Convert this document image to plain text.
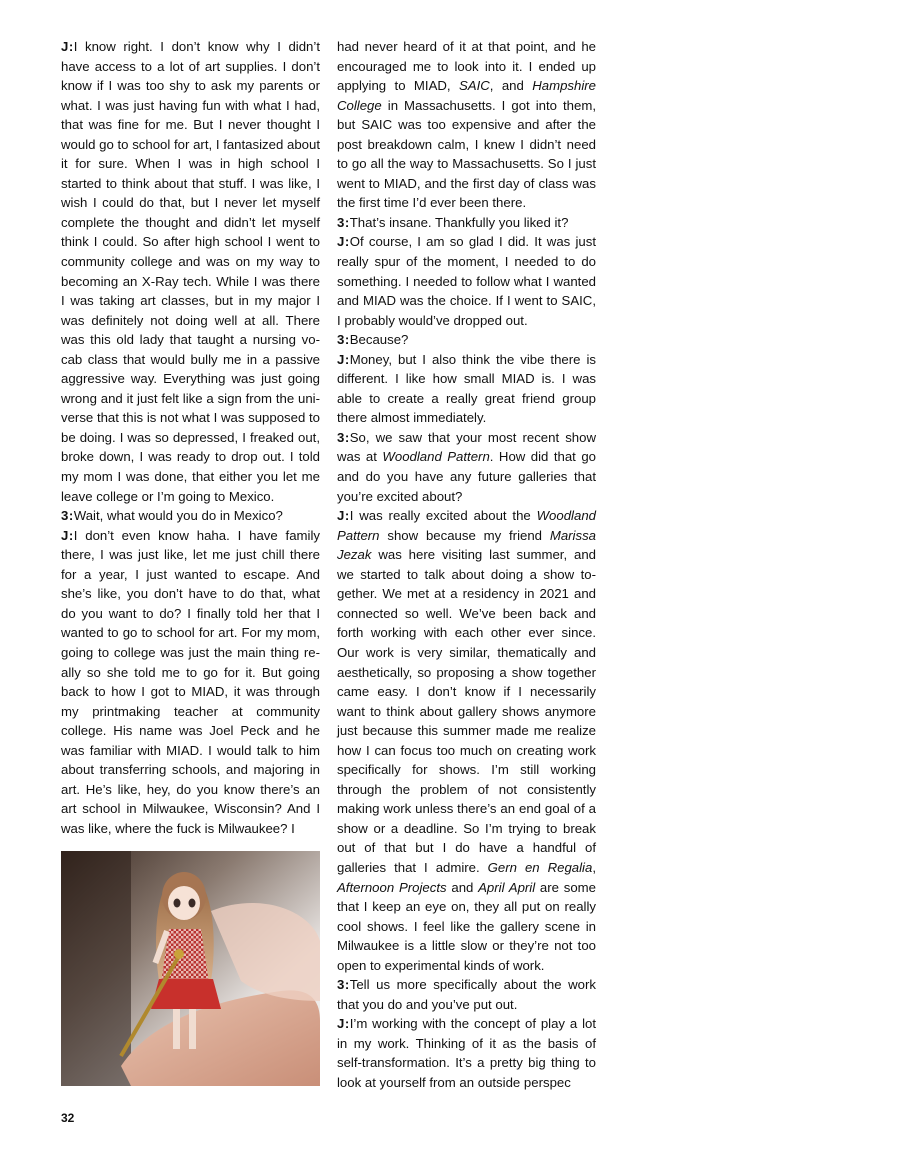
J:I know right. I don’t know why I didn’t have access to a lot of art supplies. I don’t know if I was too shy to ask my parents or what. I was just having fun with what I had, that was fine for me. But I never thought I would go to school for art, I fantasized about it for sure. When I was in high school I started to think about that stuff. I was like, I wish I could do that, but I never let myself complete the thought and didn’t let myself think I could. So after high school I went to community college and was on my way to becoming an X-Ray tech. While I was there I was taking art classes, but in my major I was definitely not doing well at all. There was this old lady that taught a nursing vocab class that would bully me in a passive aggressive way. Everything was just going wrong and it just felt like a sign from the universe that this is not what I was supposed to be doing. I was so depressed, I freaked out, broke down, I was ready to drop out. I told my mom I was done, that either you let me leave college or I’m going to Mexico.

3:Wait, what would you do in Mexico?

J:I don’t even know haha. I have family there, I was just like, let me just chill there for a year, I just wanted to escape. And she’s like, you don’t have to do that, what do you want to do? I finally told her that I wanted to go to school for art. For my mom, going to college was just the main thing really so she told me to go for it. But going back to how I got to MIAD, it was through my printmaking teacher at community college. His name was Joel Peck and he was familiar with MIAD. I would talk to him about transferring schools, and majoring in art. He’s like, hey, do you know there’s an art school in Milwaukee, Wisconsin? And I was like, where the fuck is Milwaukee? I

had never heard of it at that point, and he encouraged me to look into it. I ended up applying to MIAD, SAIC, and Hampshire College in Massachusetts. I got into them, but SAIC was too expensive and after the post breakdown calm, I knew I didn’t need to go all the way to Massachusetts. So I just went to MIAD, and the first day of class was the first time I’d ever been there.

3:That’s insane. Thankfully you liked it?

J:Of course, I am so glad I did. It was just really spur of the moment, I needed to do something. I needed to follow what I wanted and MIAD was the choice. If I went to SAIC, I probably would’ve dropped out.

3:Because?

J:Money, but I also think the vibe there is different. I like how small MIAD is. I was able to create a really great friend group there almost immediately.

3:So, we saw that your most recent show was at Woodland Pattern. How did that go and do you have any future galleries that you’re excited about?

J:I was really excited about the Woodland Pattern show because my friend Marissa Jezak was here visiting last summer, and we started to talk about doing a show together. We met at a residency in 2021 and connected so well. We’ve been back and forth working with each other ever since. Our work is very similar, thematically and aesthetically, so proposing a show together came easy. I don’t know if I necessarily want to think about gallery shows anymore just because this summer made me realize how I can focus too much on creating work specifically for shows. I’m still working through the problem of not consistently making work unless there’s an end goal of a show or a deadline. So I’m trying to break out of that but I do have a handful of galleries that I admire. Gern en Regalia, Afternoon Projects and April April are some that I keep an eye on, they all put on really cool shows. I feel like the gallery scene in Milwaukee is a little slow or they’re not too open to experimental kinds of work.

3:Tell us more specifically about the work that you do and you’ve put out.

J:I’m working with the concept of play a lot in my work. Thinking of it as the basis of self-transformation. It’s a pretty big thing to look at yourself from an outside perspec

32
